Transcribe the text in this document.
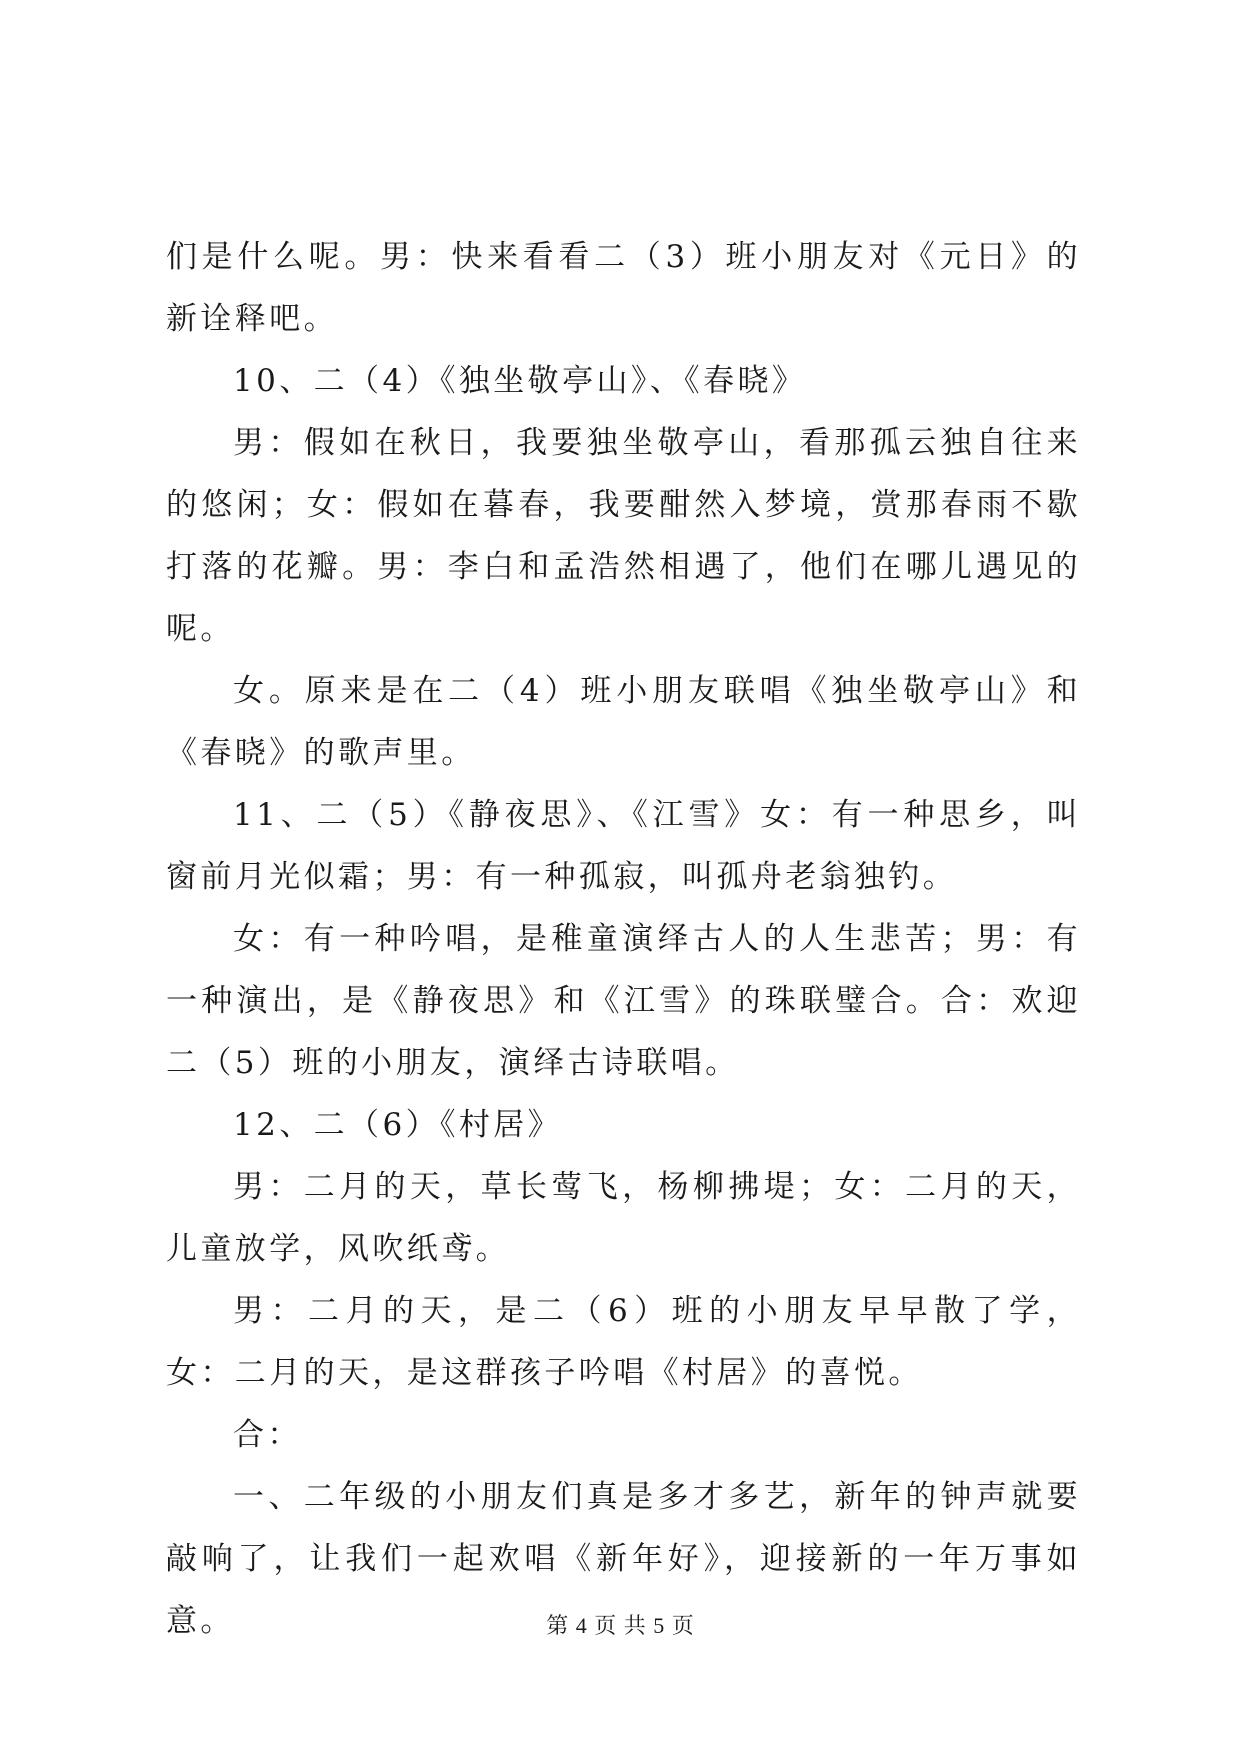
们是什么呢。男：快来看看二（3）班小朋友对《元日》的新诠释吧。

10、二（4）《独坐敬亭山》、《春晓》

男：假如在秋日，我要独坐敬亭山，看那孤云独自往来的悠闲；女：假如在暮春，我要酣然入梦境，赏那春雨不歇打落的花瓣。男：李白和孟浩然相遇了，他们在哪儿遇见的呢。

女。原来是在二（4）班小朋友联唱《独坐敬亭山》和《春晓》的歌声里。

11、二（5）《静夜思》、《江雪》女：有一种思乡，叫窗前月光似霜；男：有一种孤寂，叫孤舟老翁独钓。

女：有一种吟唱，是稚童演绎古人的人生悲苦；男：有一种演出，是《静夜思》和《江雪》的珠联璧合。合：欢迎二（5）班的小朋友，演绎古诗联唱。

12、二（6）《村居》

男：二月的天，草长莺飞，杨柳拂堤；女：二月的天，儿童放学，风吹纸鸢。

男：二月的天，是二（6）班的小朋友早早散了学，女：二月的天，是这群孩子吟唱《村居》的喜悦。

合：

一、二年级的小朋友们真是多才多艺，新年的钟声就要敲响了，让我们一起欢唱《新年好》，迎接新的一年万事如意。	第 4 页 共 5 页
